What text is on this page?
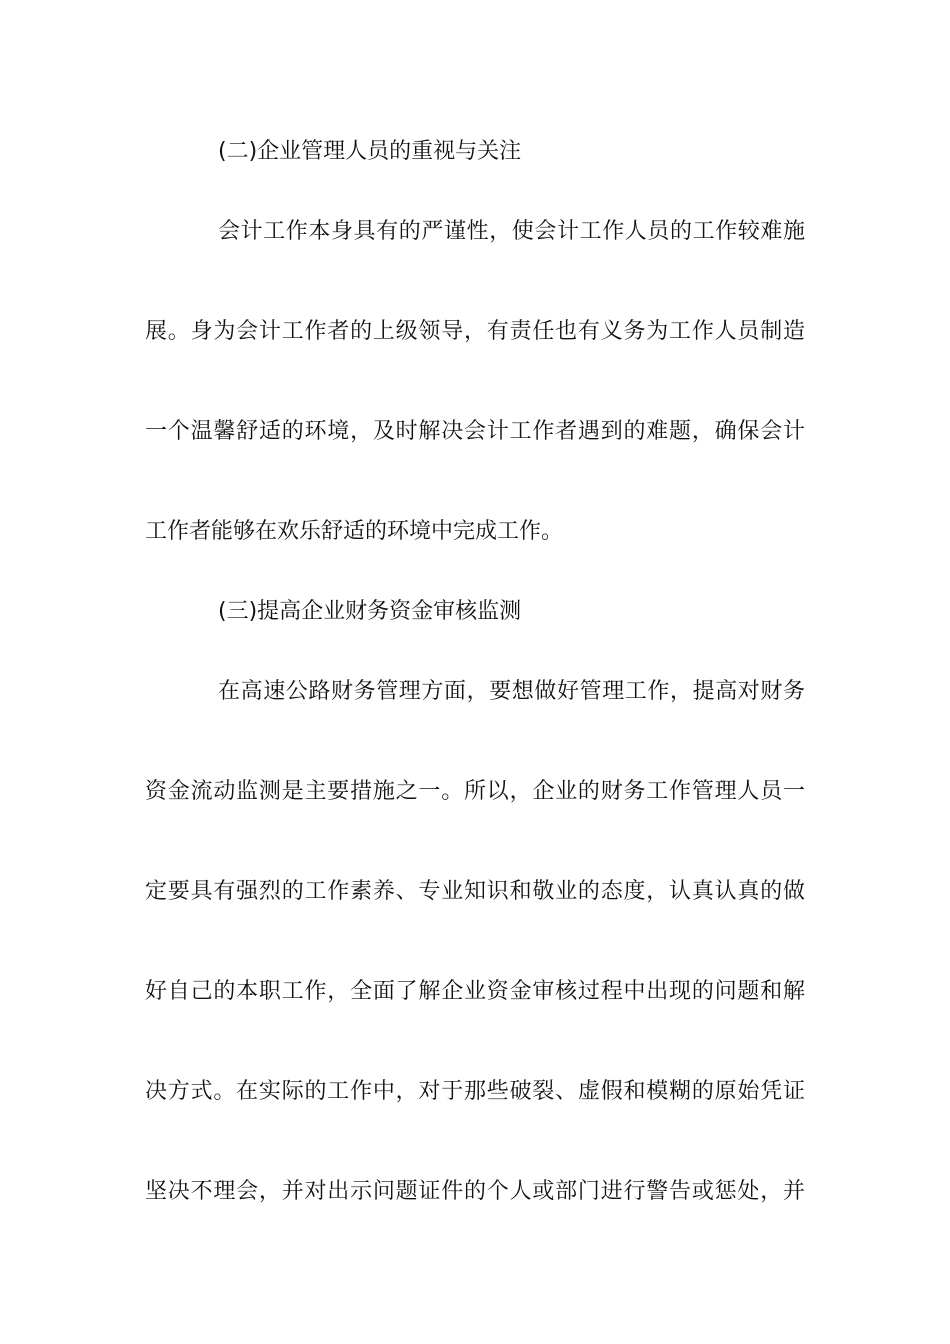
(二)企业管理人员的重视与关注
会计工作本身具有的严谨性，使会计工作人员的工作较难施
展。身为会计工作者的上级领导，有责任也有义务为工作人员制造
一个温馨舒适的环境，及时解决会计工作者遇到的难题，确保会计
工作者能够在欢乐舒适的环境中完成工作。
(三)提高企业财务资金审核监测
在高速公路财务管理方面，要想做好管理工作，提高对财务
资金流动监测是主要措施之一。所以，企业的财务工作管理人员一
定要具有强烈的工作素养、专业知识和敬业的态度，认真认真的做
好自己的本职工作，全面了解企业资金审核过程中出现的问题和解
决方式。在实际的工作中，对于那些破裂、虚假和模糊的原始凭证
坚决不理会，并对出示问题证件的个人或部门进行警告或惩处，并
